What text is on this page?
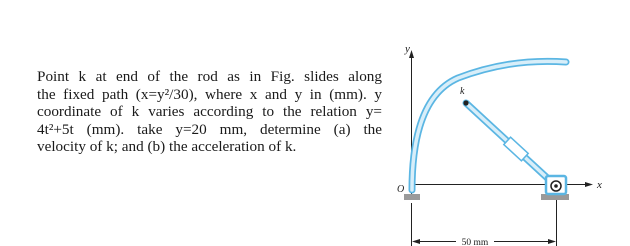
Point k at end of the rod as in Fig. slides along
the fixed path (x=y²/30), where x and y in (mm). y
coordinate of k varies according to the relation y=
4t²+5t (mm). take y=20 mm, determine (a) the
velocity of k; and (b) the acceleration of k.
y
x
O
k
50 mm
